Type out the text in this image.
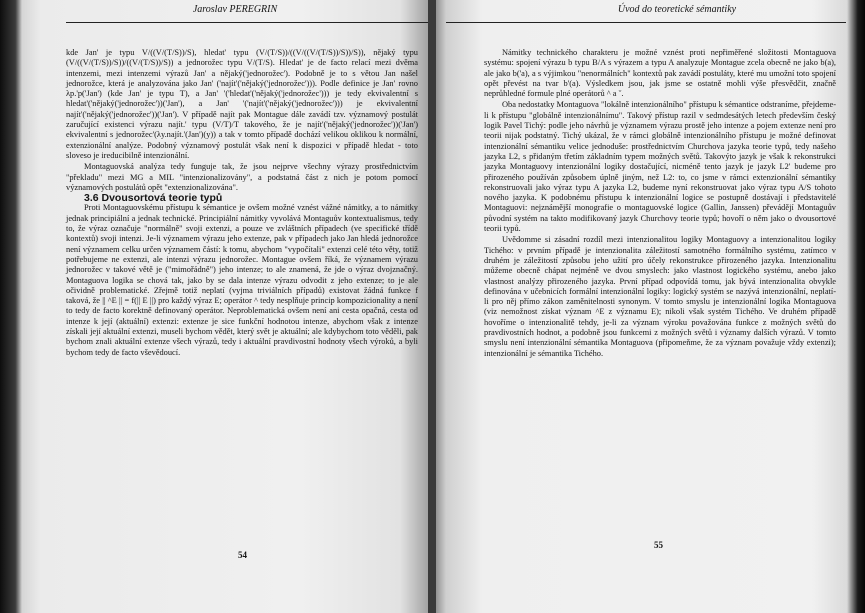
Jaroslav PEREGRIN

kde Jan' je typu V/((V/(T/S))/S), hledat' typu (V/(T/S))/((V/((V/(T/S))/S))/S)), nějaký typu (V/((V/(T/S))/S))/((V/(T/S))/S)) a jednorožec typu V/(T/S). Hledat' je de facto relací mezi dvěma intenzemi, mezi intenzemi výrazů Jan' a nějaký('jednorožec'). Podobně je to s větou Jan našel jednorožce, která je analyzována jako Jan' ('najít'('nějaký('jednorožec'))). Podle definice je Jan' rovno λp.'p('Jan') (kde Jan' je typu T), a Jan' '('hledat'('nějaký('jednorožec'))) je tedy ekvivalentní s hledat'('nějaký('jednorožec'))('Jan'), a Jan' '('najít'('nějaký('jednorožec'))) je ekvivalentní najít'('nějaký('jednorožec'))('Jan'). V případě najít pak Montague dále zavádí tzv. významový postulát zaručující existenci výrazu najít.' typu (V/T)/T takového, že je najít'('nějaký('jednorožec'))('Jan') ekvivalentní s jednorožec'(λy.najít.'(Jan')(y)) a tak v tomto případě dochází velikou oklikou k normální, extenzionální analýze. Podobný významový postulát však není k dispozici v případě hledat - toto sloveso je ireducibilně intenzionální.

Montaguovská analýza tedy funguje tak, že jsou nejprve všechny výrazy prostřednictvím "překladu" mezi MG a MIL "intenzionalizovány", a podstatná část z nich je potom pomocí významových postulátů opět "extenzionalizována".

3.6 Dvousortová teorie typů

Proti Montaguovskému přístupu k sémantice je ovšem možné vznést vážné námitky, a to námitky jednak principiální a jednak technické. Principiální námitky vyvolává Montaguův kontextualismus, tedy to, že výraz označuje "normálně" svoji extenzi, a pouze ve zvláštních případech (ve specifické třídě kontextů) svoji intenzi. Je-li významem výrazu jeho extenze, pak v případech jako Jan hledá jednorožce není významem celku určen významem částí: k tomu, abychom "vypočítali" extenzi celé této věty, totiž potřebujeme ne extenzi, ale intenzi výrazu jednorožec. Montague ovšem říká, že významem výrazu jednorožec v takové větě je ("mimořádně") jeho intenze; to ale znamená, že jde o výraz dvojznačný. Montaguova logika se chová tak, jako by se dala intenze výrazu odvodit z jeho extenze; to je ale očividně problematické. Zřejmě totiž neplatí (vyjma triviálních případů) existovat žádná funkce f taková, že || ^E || = f(|| E ||) pro každý výraz E; operátor ^ tedy nesplňuje princip kompozicionality a není to tedy de facto korektně definovaný operátor. Neproblematická ovšem není ani cesta opačná, cesta od intenze k její (aktuální) extenzi: extenze je sice funkční hodnotou intenze, abychom však z intenze získali její aktuální extenzi, museli bychom vědět, který svět je aktuální; ale kdybychom toto věděli, pak bychom znali aktuální extenze všech výrazů, tedy i aktuální pravdivostní hodnoty všech výroků, a byli bychom tedy de facto vševědoucí.

54
Úvod do teoretické sémantiky

Námitky technického charakteru je možné vznést proti nepřiměřené složitosti Montaguova systému: spojení výrazu b typu B/A s výrazem a typu A analyzuje Montague zcela obecně ne jako b(a), ale jako b('a), a s výjimkou "nenormálních" kontextů pak zavádí postuláty, které mu umožní toto spojení opět převést na tvar b'(a). Výsledkem jsou, jak jsme se ostatně mohli výše přesvědčit, značně neprůhledné formule plné operátorů ^ a ˇ.

Oba nedostatky Montaguova "lokálně intenzionálního" přístupu k sémantice odstraníme, přejdeme-li k přístupu "globálně intenzionálnímu". Takový přístup razil v sedmdesátých letech především český logik Pavel Tichý: podle jeho návrhů je významem výrazu prostě jeho intenze a pojem extenze není pro teorii nijak podstatný. Tichý ukázal, že v rámci globálně intenzionálního přístupu je možné definovat intenzionální sémantiku velice jednoduše: prostřednictvím Churchova jazyka teorie typů, tedy našeho jazyka L2, s přidaným třetím základním typem možných světů. Takovýto jazyk je však k rekonstrukci jazyka Montaguovy intenzionální logiky dostačující, nicméně tento jazyk je jazyk L2' budeme pro přirozeného používán způsobem úplně jiným, než L2: to, co jsme v rámci extenzionální sémantiky rekonstruovali jako výraz typu A jazyka L2, budeme nyní rekonstruovat jako výraz typu A/S tohoto nového jazyka. K podobnému přístupu k intenzionální logice se postupně dostávají i představitelé Montaguovi: nejznámější monografie o montaguovské logice (Gallin, Janssen) převádějí Montaguův původní systém na takto modifikovaný jazyk Churchovy teorie typů; hovoří o něm jako o dvousortové teorii typů.

Uvědomme si zásadní rozdíl mezi intenzionalitou logiky Montaguovy a intenzionalitou logiky Tichého: v prvním případě je intenzionalita záležitostí samotného formálního systému, zatímco v druhém je záležitostí způsobu jeho užití pro účely rekonstrukce přirozeného jazyka. Intenzionalitu můžeme obecně chápat nejméně ve dvou smyslech: jako vlastnost logického systému, anebo jako vlastnost analýzy přirozeného jazyka. První případ odpovídá tomu, jak bývá intenzionalita obvykle definována v učebnicích formální intenzionální logiky: logický systém se nazývá intenzionální, neplatí-li pro něj přímo zákon zaměnitelnosti synonym. V tomto smyslu je intenzionální logika Montaguova (viz nemožnost získat význam ^E z významu E); nikoli však systém Tichého. Ve druhém případě hovoříme o intenzionalitě tehdy, je-li za význam výroku považována funkce z možných světů do pravdivostních hodnot, a podobně jsou funkcemi z možných světů i významy dalších výrazů. V tomto smyslu není intenzionální sémantika Montaguova (připomeňme, že za význam považuje vždy extenzi); intenzionální je sémantika Tichého.

55
